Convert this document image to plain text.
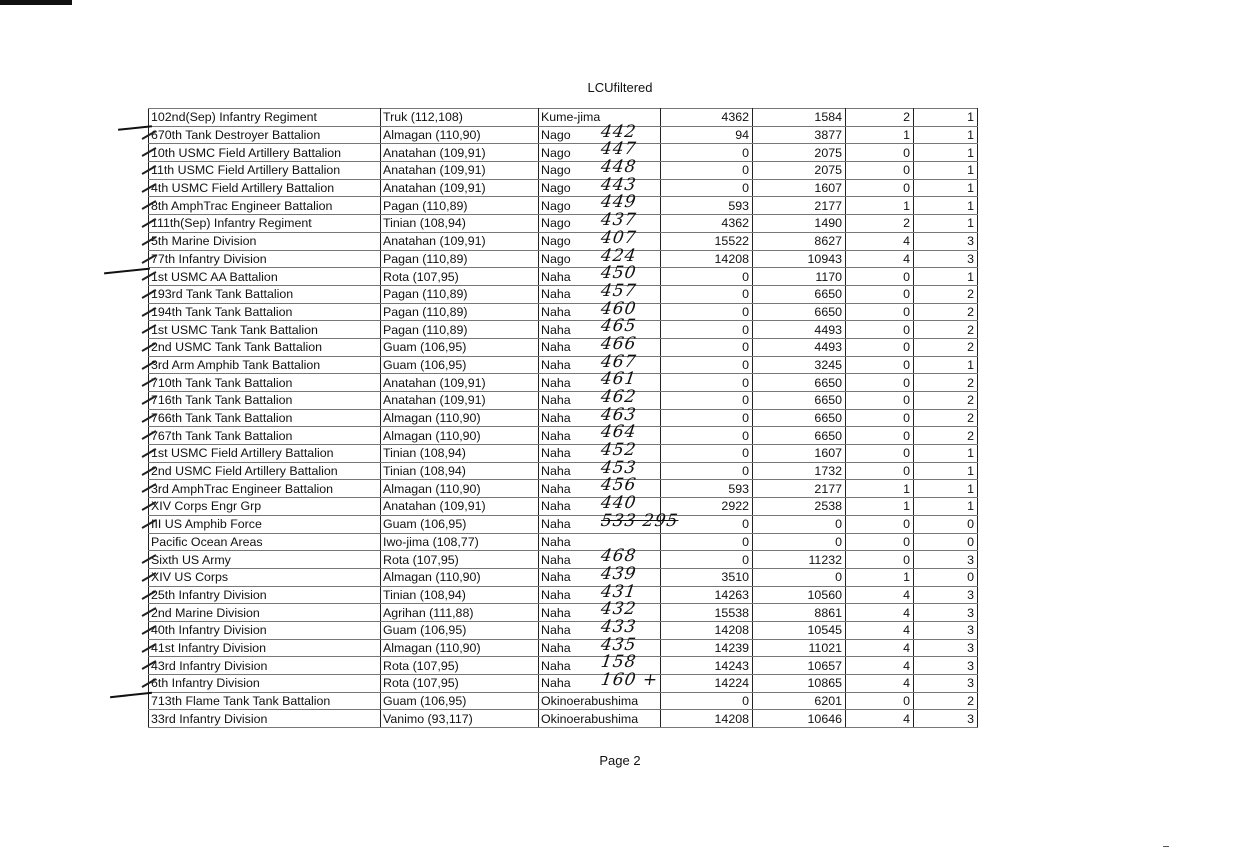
LCUfiltered
102nd(Sep) Infantry Regiment	Truk (112,108)	Kume-jima	4362	1584	2	1
670th Tank Destroyer Battalion	Almagan (110,90)	Nago 442	94	3877	1	1
10th USMC Field Artillery Battalion	Anatahan (109,91)	Nago 447	0	2075	0	1
11th USMC Field Artillery Battalion	Anatahan (109,91)	Nago 448	0	2075	0	1
4th USMC Field Artillery Battalion	Anatahan (109,91)	Nago 443	0	1607	0	1
8th AmphTrac Engineer Battalion	Pagan (110,89)	Nago 449	593	2177	1	1
111th(Sep) Infantry Regiment	Tinian (108,94)	Nago 437	4362	1490	2	1
5th Marine Division	Anatahan (109,91)	Nago 407	15522	8627	4	3
77th Infantry Division	Pagan (110,89)	Nago 424	14208	10943	4	3
1st USMC AA Battalion	Rota (107,95)	Naha 450	0	1170	0	1
193rd Tank Tank Battalion	Pagan (110,89)	Naha 457	0	6650	0	2
194th Tank Tank Battalion	Pagan (110,89)	Naha 460	0	6650	0	2
1st USMC Tank Tank Battalion	Pagan (110,89)	Naha 465	0	4493	0	2
2nd USMC Tank Tank Battalion	Guam (106,95)	Naha 466	0	4493	0	2
3rd Arm Amphib Tank Battalion	Guam (106,95)	Naha 467	0	3245	0	1
710th Tank Tank Battalion	Anatahan (109,91)	Naha 461	0	6650	0	2
716th Tank Tank Battalion	Anatahan (109,91)	Naha 462	0	6650	0	2
766th Tank Tank Battalion	Almagan (110,90)	Naha 463	0	6650	0	2
767th Tank Tank Battalion	Almagan (110,90)	Naha 464	0	6650	0	2
1st USMC Field Artillery Battalion	Tinian (108,94)	Naha 452	0	1607	0	1
2nd USMC Field Artillery Battalion	Tinian (108,94)	Naha 453	0	1732	0	1
3rd AmphTrac Engineer Battalion	Almagan (110,90)	Naha 456	593	2177	1	1
XIV Corps Engr Grp	Anatahan (109,91)	Naha 440	2922	2538	1	1
III US Amphib Force	Guam (106,95)	Naha 533 295	0	0	0	0
Pacific Ocean Areas	Iwo-jima (108,77)	Naha	0	0	0	0
Sixth US Army	Rota (107,95)	Naha 468	0	11232	0	3
XIV US Corps	Almagan (110,90)	Naha 439	3510	0	1	0
25th Infantry Division	Tinian (108,94)	Naha 431	14263	10560	4	3
2nd Marine Division	Agrihan (111,88)	Naha 432	15538	8861	4	3
40th Infantry Division	Guam (106,95)	Naha 433	14208	10545	4	3
41st Infantry Division	Almagan (110,90)	Naha 435	14239	11021	4	3
43rd Infantry Division	Rota (107,95)	Naha 158	14243	10657	4	3
6th Infantry Division	Rota (107,95)	Naha 160 +	14224	10865	4	3
713th Flame Tank Tank Battalion	Guam (106,95)	Okinoerabushima	0	6201	0	2
33rd Infantry Division	Vanimo (93,117)	Okinoerabushima	14208	10646	4	3
Page 2
